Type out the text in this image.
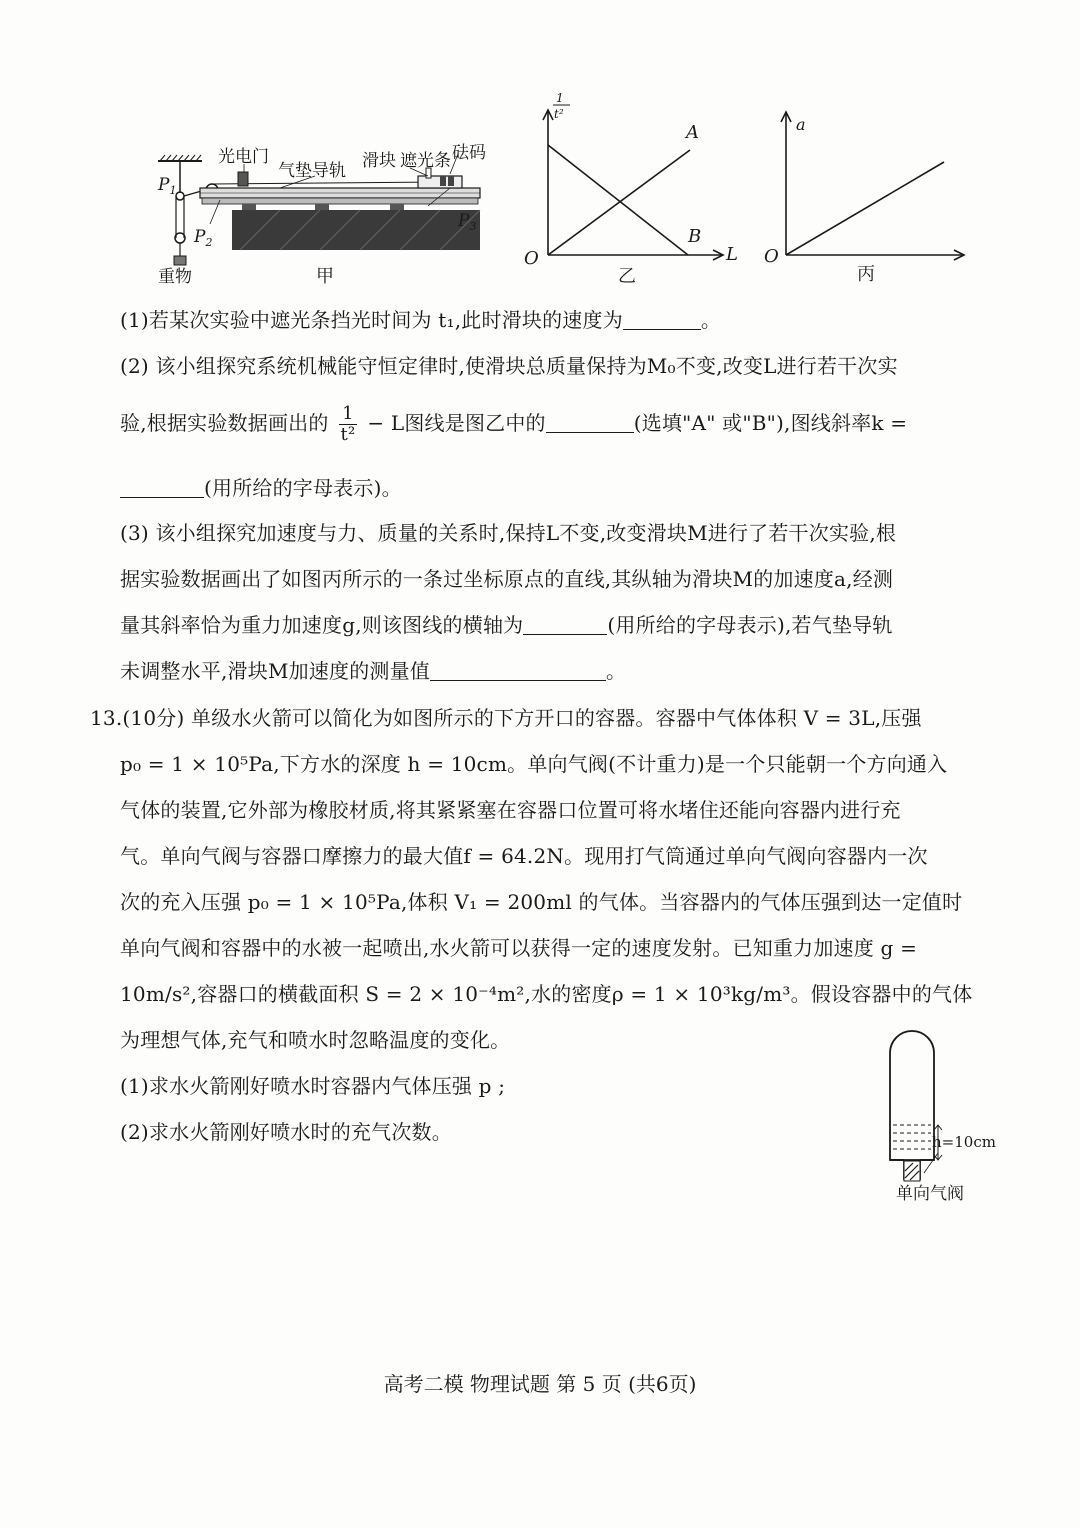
光电门
气垫导轨 滑块 遮光条 砝码
重物
$P_1$
$P_2$
$P_3$
甲
1
t²
A
B
L
O
乙
a
O
丙
(1)若某次实验中遮光条挡光时间为 t₁,此时滑块的速度为	。
(2) 该小组探究系统机械能守恒定律时,使滑块总质量保持为M₀不变,改变L进行若干次实
验,根据实验数据画出的 $\frac{1}{\text{t²}} - L$图线是图乙中的	(选填"A" 或"B"),图线斜率k =
(用所给的字母表示)。
(3) 该小组探究加速度与力、质量的关系时,保持L不变,改变滑块M进行了若干次实验,根
据实验数据画出了如图丙所示的一条过坐标原点的直线,其纵轴为滑块M的加速度a,经测
量其斜率恰为重力加速度g,则该图线的横轴为	(用所给的字母表示),若气垫导轨
未调整水平,滑块M加速度的测量值	。
13.(10分) 单级水火箭可以简化为如图所示的下方开口的容器。容器中气体体积 V = 3L,压强
p₀ = 1 × 10⁵Pa,下方水的深度 h = 10cm。单向气阀(不计重力)是一个只能朝一个方向通入
气体的装置,它外部为橡胶材质,将其紧紧塞在容器口位置可将水堵住还能向容器内进行充
气。单向气阀与容器口摩擦力的最大值f = 64.2N。现用打气筒通过单向气阀向容器内一次
次的充入压强 p₀ = 1 × 10⁵Pa,体积 V₁ = 200ml 的气体。当容器内的气体压强到达一定值时
单向气阀和容器中的水被一起喷出,水火箭可以获得一定的速度发射。已知重力加速度 g =
10m/s²,容器口的横截面积 S = 2 × 10⁻⁴m²,水的密度ρ = 1 × 10³kg/m³。假设容器中的气体
为理想气体,充气和喷水时忽略温度的变化。
(1)求水火箭刚好喷水时容器内气体压强 p ;
(2)求水火箭刚好喷水时的充气次数。	h=10cm
单向气阀
高考二模 物理试题 第 5 页 (共6页)
